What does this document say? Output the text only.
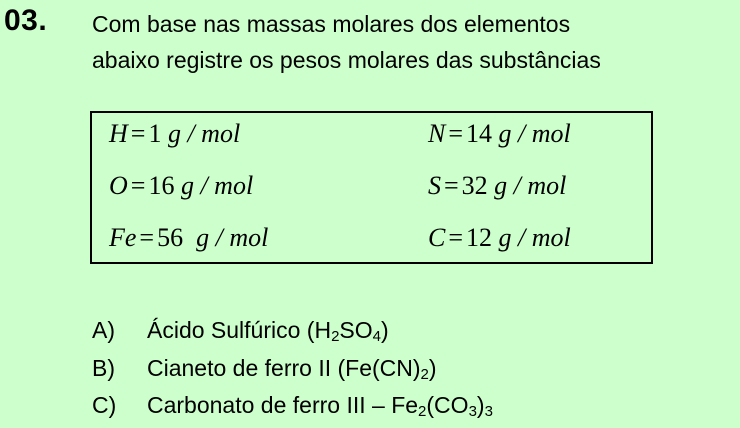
03. Com base nas massas molares dos elementos
abaixo registre os pesos molares das substâncias
H = 1 g / mol	N = 14 g / mol
O = 16 g / mol	S = 32 g / mol
Fe = 56 g / mol	C = 12 g / mol
A) Ácido Sulfúrico $(H_2SO_4)$
B) Cianeto de ferro II $(Fe(CN)_2)$
C) Carbonato de ferro III – $Fe_2(CO_3)_3$
